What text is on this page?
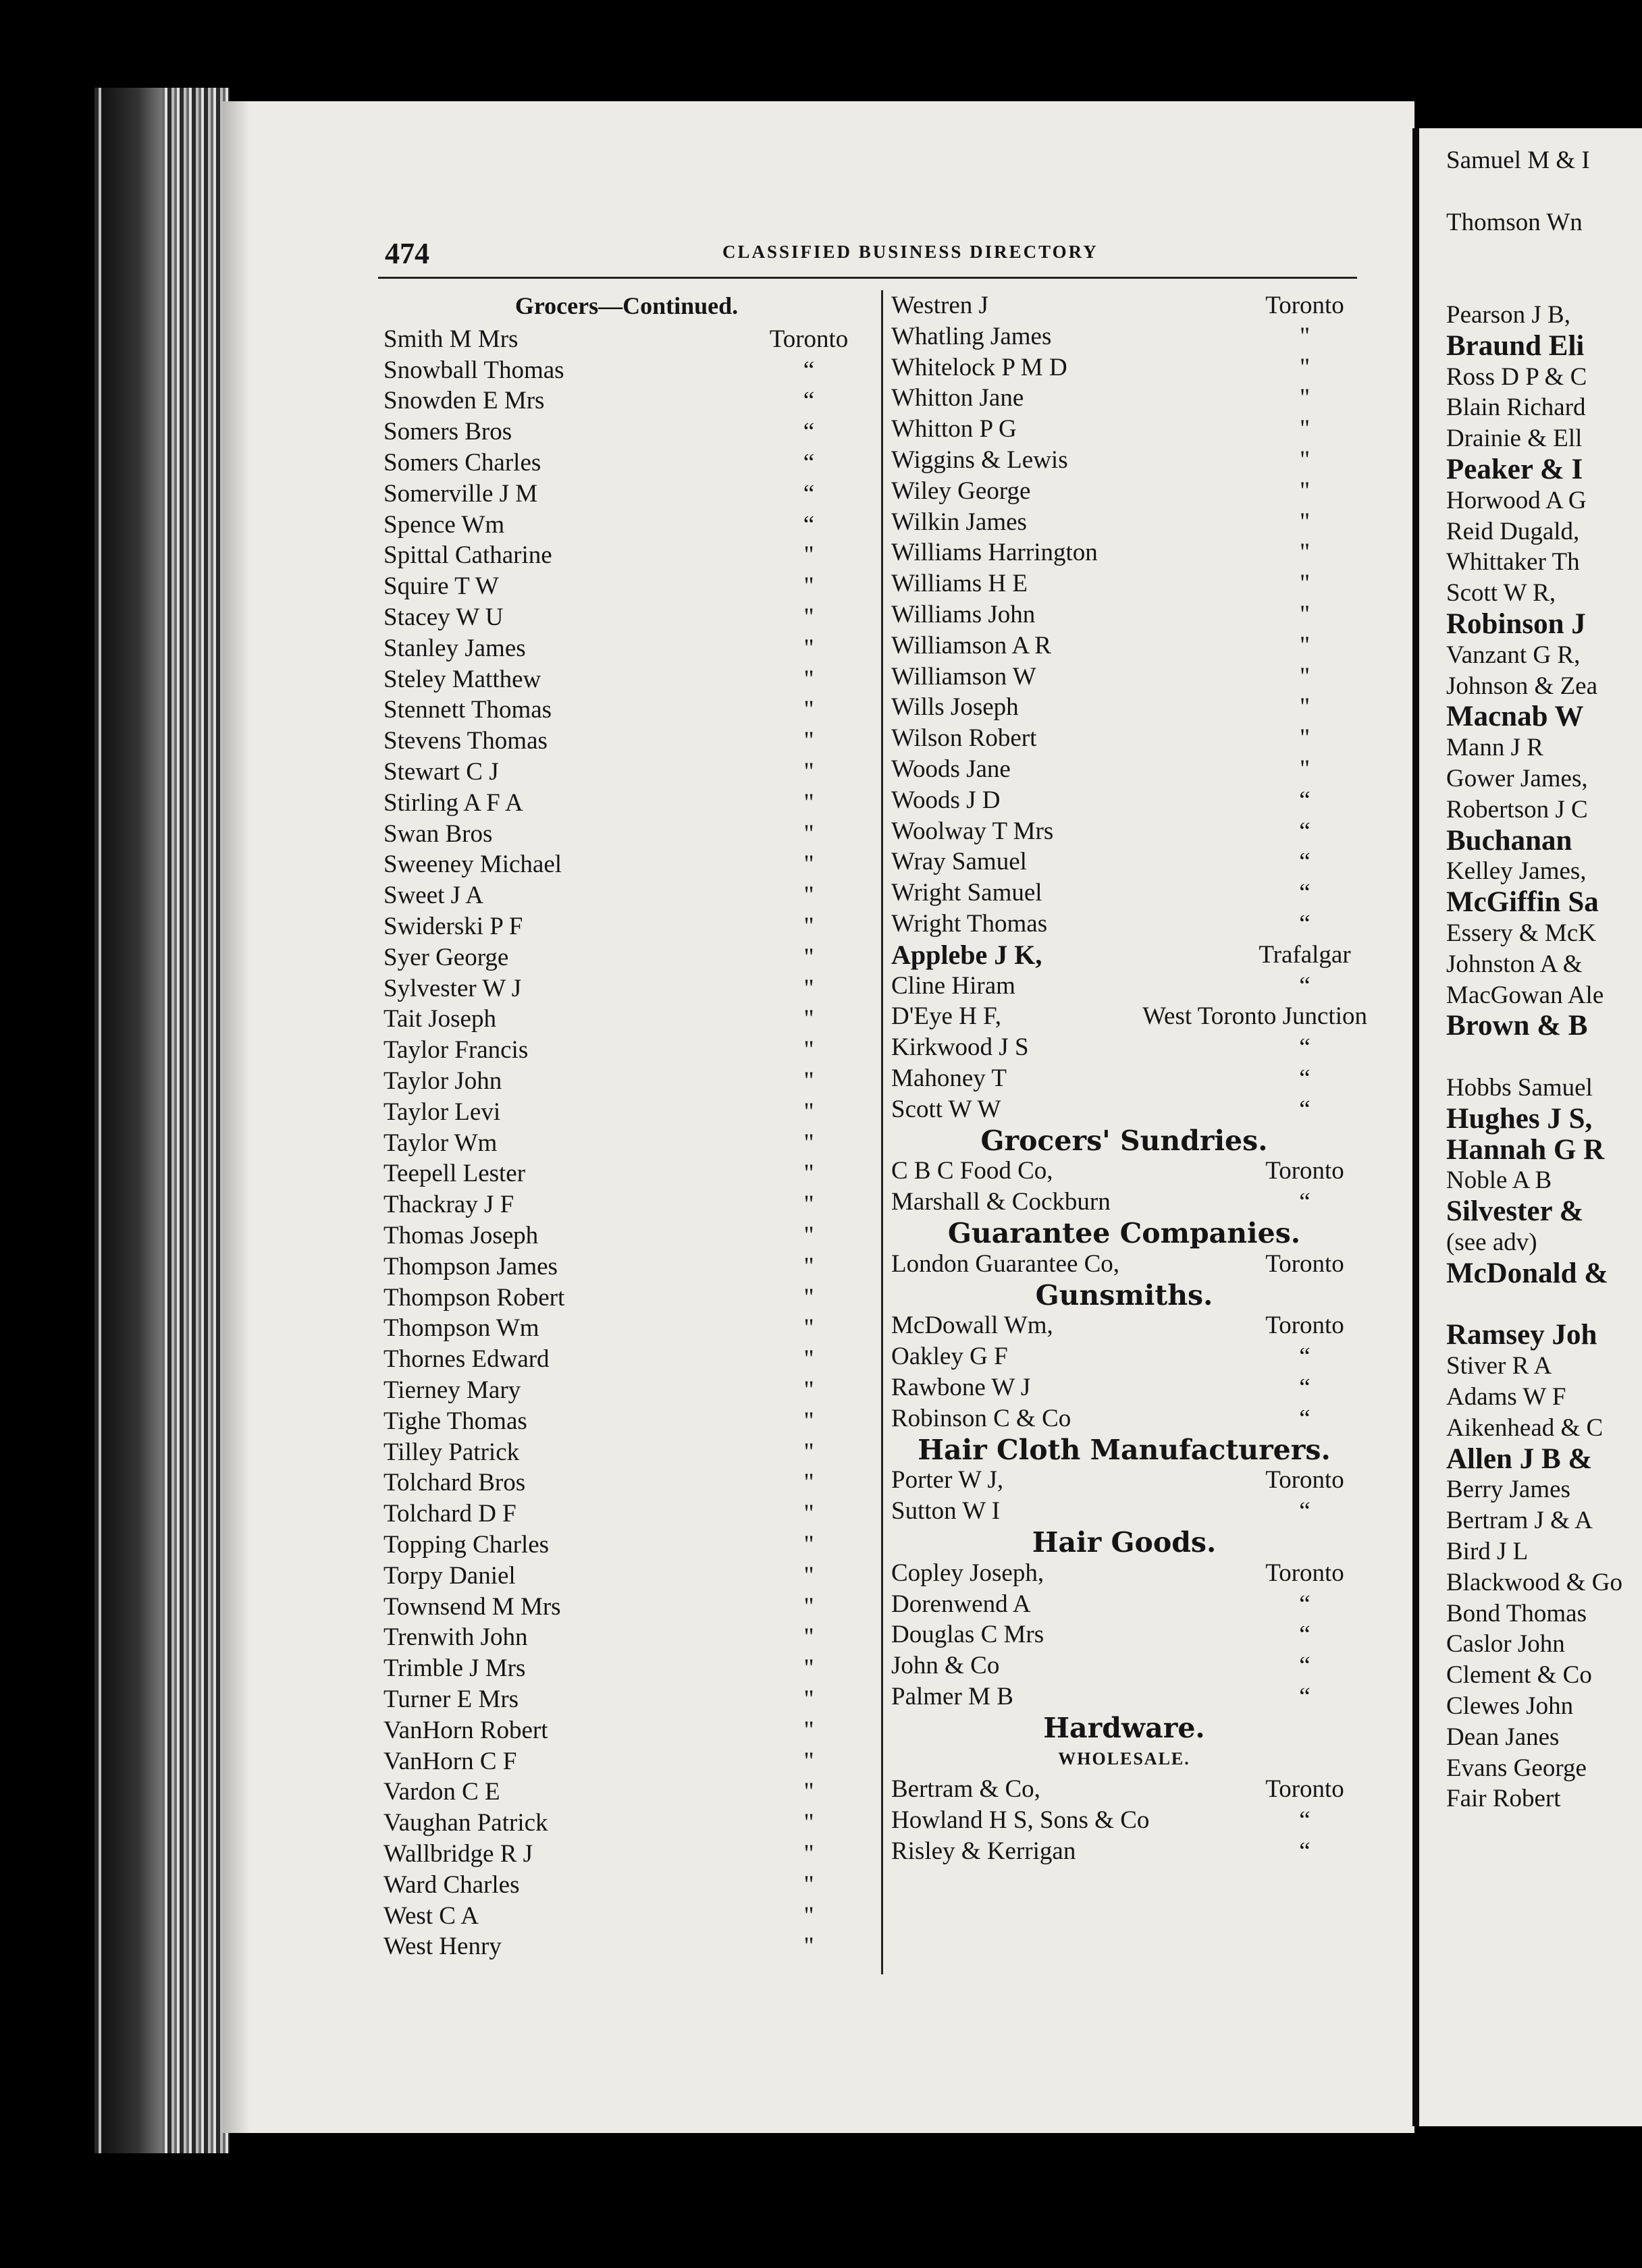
Samuel M & I
Thomson Wn
Pearson J B,
Braund Eli
Ross D P & C
Blain Richard
Drainie & Ell
Peaker & I
Horwood A G
Reid Dugald,
Whittaker Th
Scott W R,
Robinson J
Vanzant G R,
Johnson & Zea
Macnab W
Mann J R
Gower James,
Robertson J C
Buchanan
Kelley James,
McGiffin Sa
Essery & McK
Johnston A &
MacGowan Ale
Brown & B
Hobbs Samuel
Hughes J S,
Hannah G R
Noble A B
Silvester &
(see adv)
McDonald &
Ramsey Joh
Stiver R A
Adams W F
Aikenhead & C
Allen J B &
Berry James
Bertram J & A
Bird J L
Blackwood & Go
Bond Thomas
Caslor John
Clement & Co
Clewes John
Dean Janes
Evans George
Fair Robert
474	CLASSIFIED BUSINESS DIRECTORY
Grocers—Continued.
Smith M Mrs	Toronto
Snowball Thomas	“
Snowden E Mrs	“
Somers Bros	“
Somers Charles	“
Somerville J M	“
Spence Wm	“
Spittal Catharine	"
Squire T W	"
Stacey W U	"
Stanley James	"
Steley Matthew	"
Stennett Thomas	"
Stevens Thomas	"
Stewart C J	"
Stirling A F A	"
Swan Bros	"
Sweeney Michael	"
Sweet J A	"
Swiderski P F	"
Syer George	"
Sylvester W J	"
Tait Joseph	"
Taylor Francis	"
Taylor John	"
Taylor Levi	"
Taylor Wm	"
Teepell Lester	"
Thackray J F	"
Thomas Joseph	"
Thompson James	"
Thompson Robert	"
Thompson Wm	"
Thornes Edward	"
Tierney Mary	"
Tighe Thomas	"
Tilley Patrick	"
Tolchard Bros	"
Tolchard D F	"
Topping Charles	"
Torpy Daniel	"
Townsend M Mrs	"
Trenwith John	"
Trimble J Mrs	"
Turner E Mrs	"
VanHorn Robert	"
VanHorn C F	"
Vardon C E	"
Vaughan Patrick	"
Wallbridge R J	"
Ward Charles	"
West C A	"
West Henry	"
Westren J	Toronto
Whatling James	"
Whitelock P M D	"
Whitton Jane	"
Whitton P G	"
Wiggins & Lewis	"
Wiley George	"
Wilkin James	"
Williams Harrington	"
Williams H E	"
Williams John	"
Williamson A R	"
Williamson W	"
Wills Joseph	"
Wilson Robert	"
Woods Jane	"
Woods J D	“
Woolway T Mrs	“
Wray Samuel	“
Wright Samuel	“
Wright Thomas	“
Applebe J K,	Trafalgar
Cline Hiram	“
D'Eye H F,	West Toronto Junction
Kirkwood J S	“
Mahoney T	“
Scott W W	“
Grocers' Sundries.
C B C Food Co,	Toronto
Marshall & Cockburn	“
Guarantee Companies.
London Guarantee Co,	Toronto
Gunsmiths.
McDowall Wm,	Toronto
Oakley G F	“
Rawbone W J	“
Robinson C & Co	“
Hair Cloth Manufacturers.
Porter W J,	Toronto
Sutton W I	“
Hair Goods.
Copley Joseph,	Toronto
Dorenwend A	“
Douglas C Mrs	“
John & Co	“
Palmer M B	“
Hardware.
WHOLESALE.
Bertram & Co,	Toronto
Howland H S, Sons & Co	“
Risley & Kerrigan	“
